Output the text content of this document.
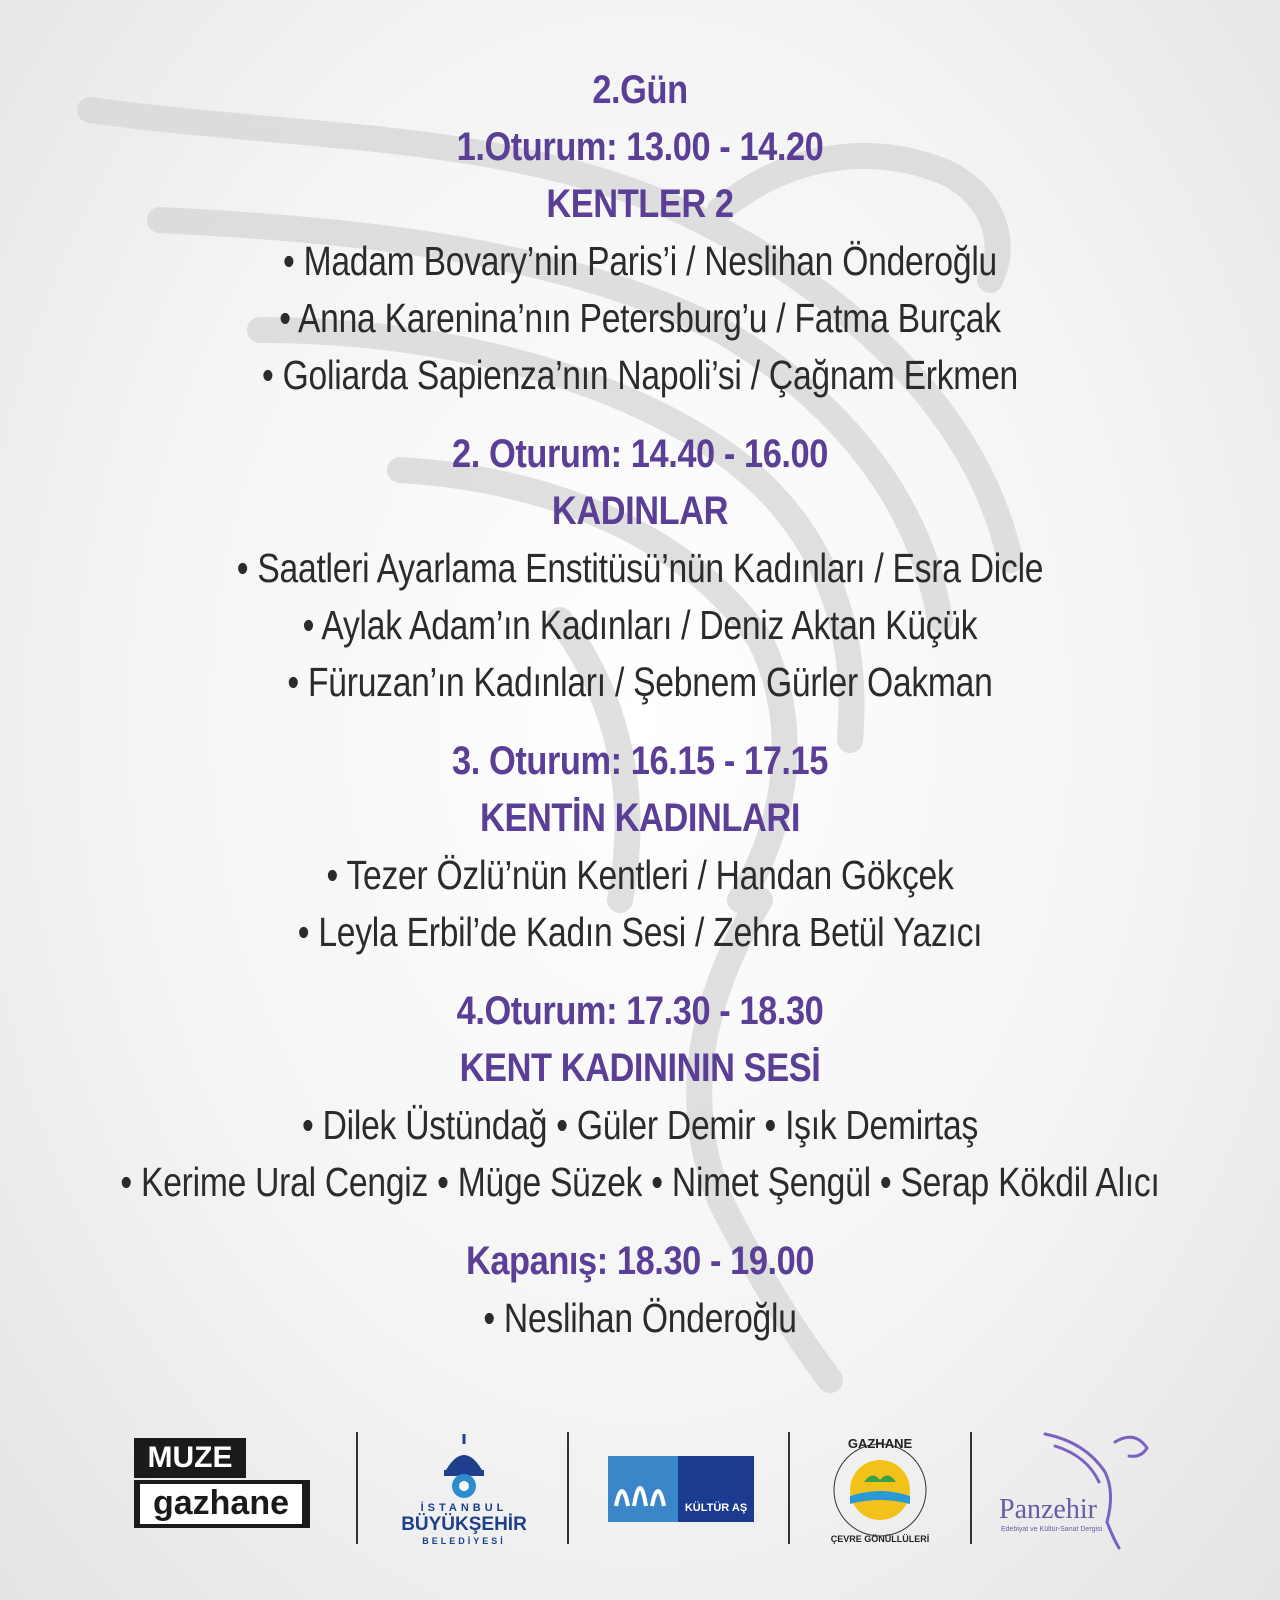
2.Gün
1.Oturum: 13.00 - 14.20
KENTLER 2
• Madam Bovary’nin Paris’i / Neslihan Önderoğlu
• Anna Karenina’nın Petersburg’u / Fatma Burçak
• Goliarda Sapienza’nın Napoli’si / Çağnam Erkmen
2. Oturum: 14.40 - 16.00
KADINLAR
• Saatleri Ayarlama Enstitüsü’nün Kadınları / Esra Dicle
• Aylak Adam’ın Kadınları / Deniz Aktan Küçük
• Füruzan’ın Kadınları / Şebnem Gürler Oakman
3. Oturum: 16.15 - 17.15
KENTİN KADINLARI
• Tezer Özlü’nün Kentleri / Handan Gökçek
• Leyla Erbil’de Kadın Sesi / Zehra Betül Yazıcı
4.Oturum: 17.30 - 18.30
KENT KADINININ SESİ
• Dilek Üstündağ • Güler Demir • Işık Demirtaş
• Kerime Ural Cengiz • Müge Süzek • Nimet Şengül • Serap Kökdil Alıcı
Kapanış: 18.30 - 19.00
• Neslihan Önderoğlu
MUZE
gazhane	İSTANBUL
BÜYÜKŞEHİR
BELEDİYESİ
KÜLTÜR AŞ
GAZHANE
ÇEVRE GÖNÜLLÜLERİ
Panzehir
Edebiyat ve Kültür-Sanat Dergisi
